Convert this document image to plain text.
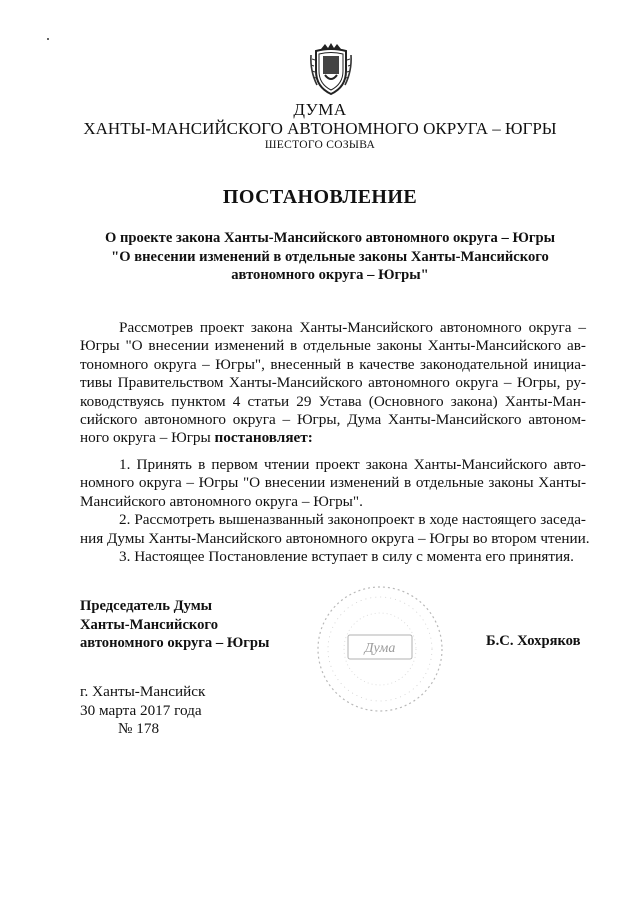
ДУМА
ХАНТЫ-МАНСИЙСКОГО АВТОНОМНОГО ОКРУГА – ЮГРЫ
ШЕСТОГО СОЗЫВА
ПОСТАНОВЛЕНИЕ
О проекте закона Ханты-Мансийского автономного округа – Югры
"О внесении изменений в отдельные законы Ханты-Мансийского
автономного округа – Югры"
Рассмотрев проект закона Ханты-Мансийского автономного округа –
Югры "О внесении изменений в отдельные законы Ханты-Мансийского ав-
тономного округа – Югры", внесенный в качестве законодательной инициа-
тивы Правительством Ханты-Мансийского автономного округа – Югры, ру-
ководствуясь пунктом 4 статьи 29 Устава (Основного закона) Ханты-Ман-
сийского автономного округа – Югры, Дума Ханты-Мансийского автоном-
ного округа – Югры постановляет:
1. Принять в первом чтении проект закона Ханты-Мансийского авто-
номного округа – Югры "О внесении изменений в отдельные законы Ханты-
Мансийского автономного округа – Югры".
2. Рассмотреть вышеназванный законопроект в ходе настоящего заседа-
ния Думы Ханты-Мансийского автономного округа – Югры во втором чтении.
3. Настоящее Постановление вступает в силу с момента его принятия.
Председатель Думы
Ханты-Мансийского
автономного округа – Югры	Дума	Б.С. Хохряков
г. Ханты-Мансийск
30 марта 2017 года
№ 178
